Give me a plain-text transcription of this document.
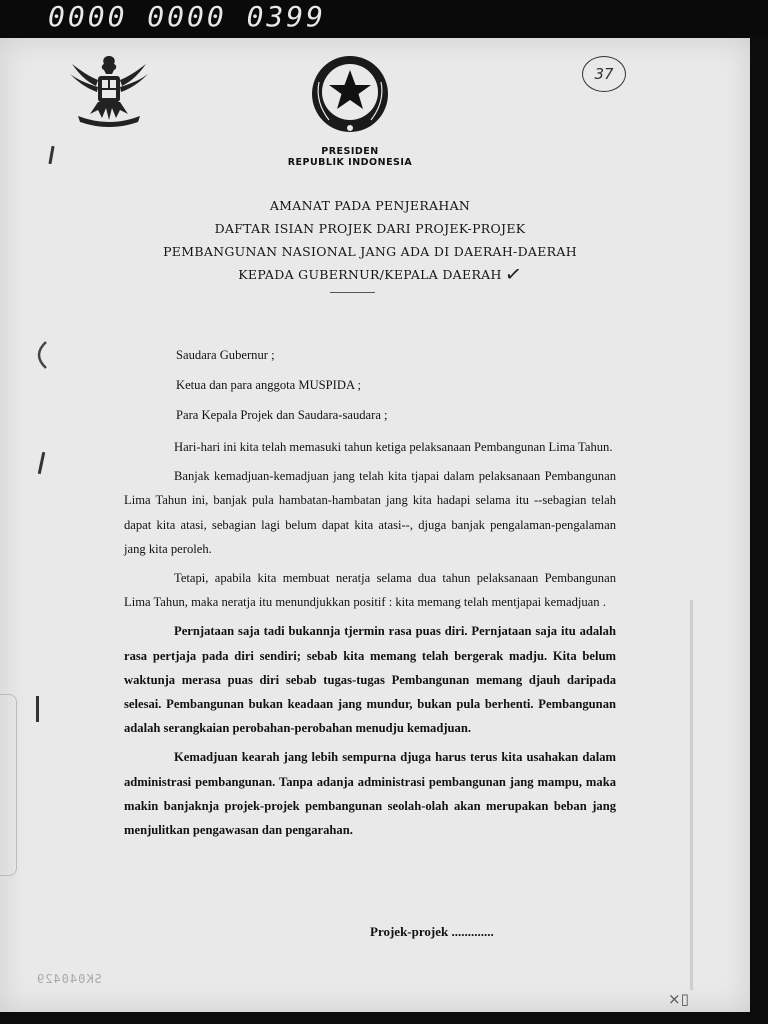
0000 0000 0399
37
PRESIDEN
REPUBLIK INDONESIA
AMANAT PADA PENJERAHAN
DAFTAR ISIAN PROJEK DARI PROJEK-PROJEK
PEMBANGUNAN NASIONAL JANG ADA DI DAERAH-DAERAH
KEPADA GUBERNUR/KEPALA DAERAH ✓
Saudara Gubernur ;
Ketua dan para anggota MUSPIDA ;
Para Kepala Projek dan Saudara-saudara ;

Hari-hari ini kita telah memasuki tahun ketiga pelaksanaan Pembangunan Lima Tahun.

Banjak kemadjuan-kemadjuan jang telah kita tjapai dalam pelaksanaan Pembangunan Lima Tahun ini, banjak pula hambatan-hambatan jang kita hadapi selama itu --sebagian telah dapat kita atasi, sebagian lagi belum dapat kita atasi--, djuga banjak pengalaman-pengalaman jang kita peroleh.

Tetapi, apabila kita membuat neratja selama dua tahun pelaksanaan Pembangunan Lima Tahun, maka neratja itu menundjukkan positif : kita memang telah mentjapai kemadjuan .

Pernjataan saja tadi bukannja tjermin rasa puas diri. Pernjataan saja itu adalah rasa pertjaja pada diri sendiri; sebab kita memang telah bergerak madju. Kita belum waktunja merasa puas diri sebab tugas-tugas Pembangunan memang djauh daripada selesai. Pembangunan bukan keadaan jang mundur, bukan pula berhenti. Pembangunan adalah serangkaian perobahan-perobahan menudju kemadjuan.

Kemadjuan kearah jang lebih sempurna djuga harus terus kita usahakan dalam administrasi pembangunan. Tanpa adanja administrasi pembangunan jang mampu, maka makin banjaknja projek-projek pembangunan seolah-olah akan merupakan beban jang menjulitkan pengawasan dan pengarahan.

Projek-projek .............
SK040429
×▯
